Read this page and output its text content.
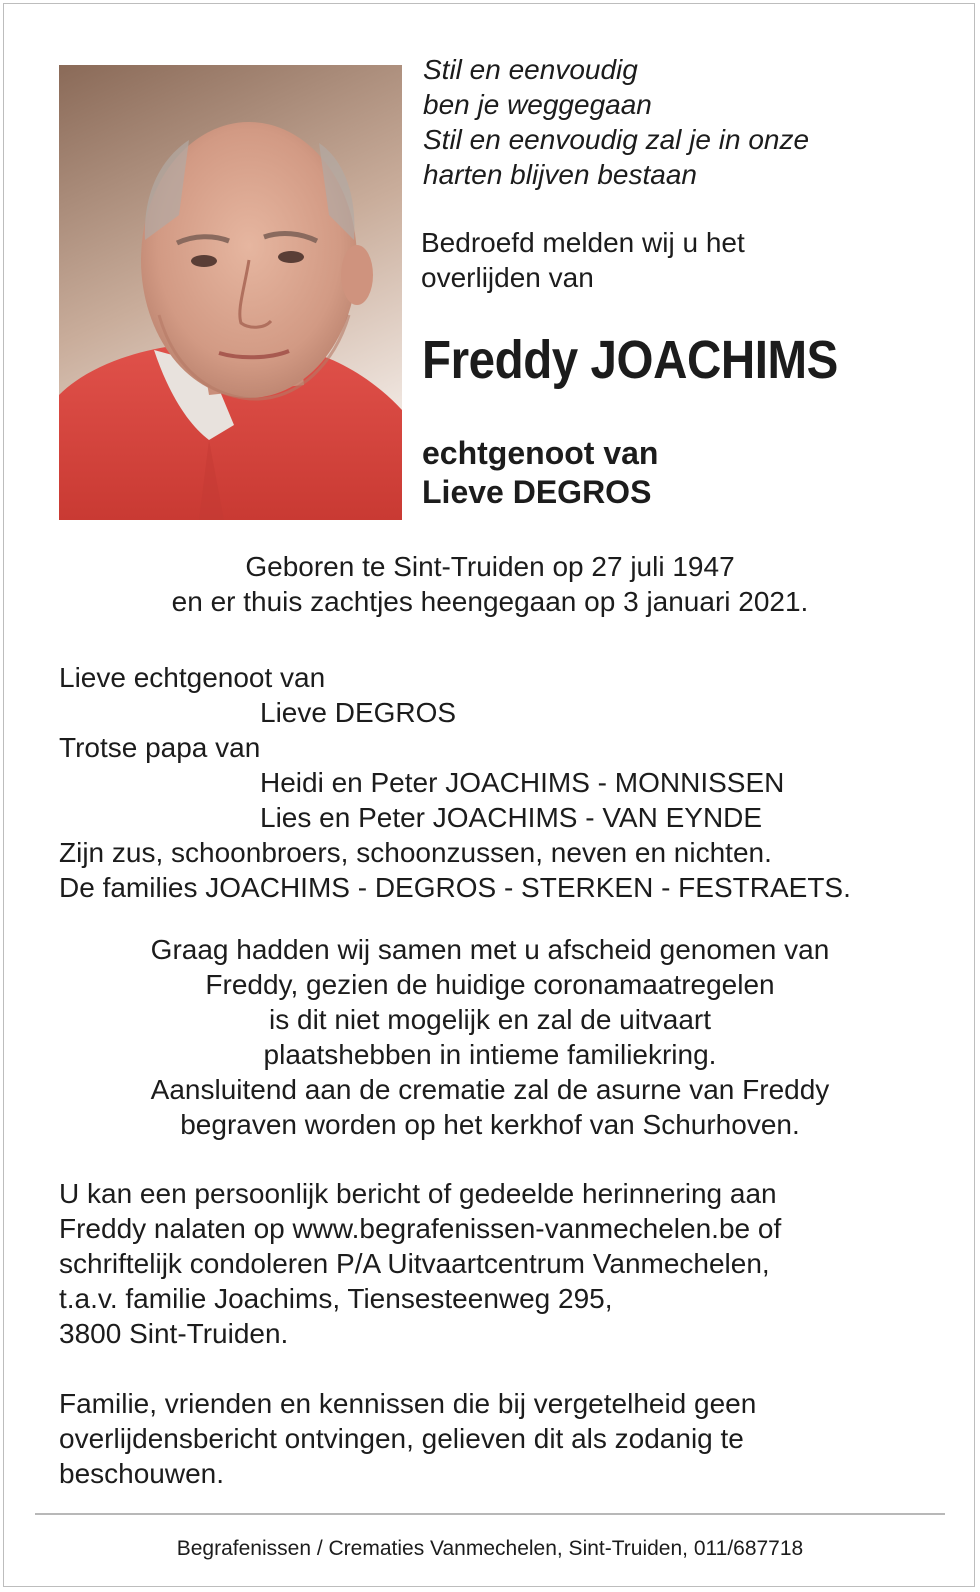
Stil en eenvoudig
ben je weggegaan
Stil en eenvoudig zal je in onze
harten blijven bestaan
Bedroefd melden wij u het
overlijden van
Freddy JOACHIMS
echtgenoot van
Lieve DEGROS
Geboren te Sint-Truiden op 27 juli 1947
en er thuis zachtjes heengegaan op 3 januari 2021.
Lieve echtgenoot van
Lieve DEGROS
Trotse papa van
Heidi en Peter JOACHIMS - MONNISSEN
Lies en Peter JOACHIMS - VAN EYNDE
Zijn zus, schoonbroers, schoonzussen, neven en nichten.
De families JOACHIMS - DEGROS - STERKEN - FESTRAETS.
Graag hadden wij samen met u afscheid genomen van
Freddy, gezien de huidige coronamaatregelen
is dit niet mogelijk en zal de uitvaart
plaatshebben in intieme familiekring.
Aansluitend aan de crematie zal de asurne van Freddy
begraven worden op het kerkhof van Schurhoven.
U kan een persoonlijk bericht of gedeelde herinnering aan
Freddy nalaten op www.begrafenissen-vanmechelen.be of
schriftelijk condoleren P/A Uitvaartcentrum Vanmechelen,
t.a.v. familie Joachims, Tiensesteenweg 295,
3800 Sint-Truiden.
Familie, vrienden en kennissen die bij vergetelheid geen
overlijdensbericht ontvingen, gelieven dit als zodanig te
beschouwen.
Begrafenissen / Crematies Vanmechelen, Sint-Truiden, 011/687718
